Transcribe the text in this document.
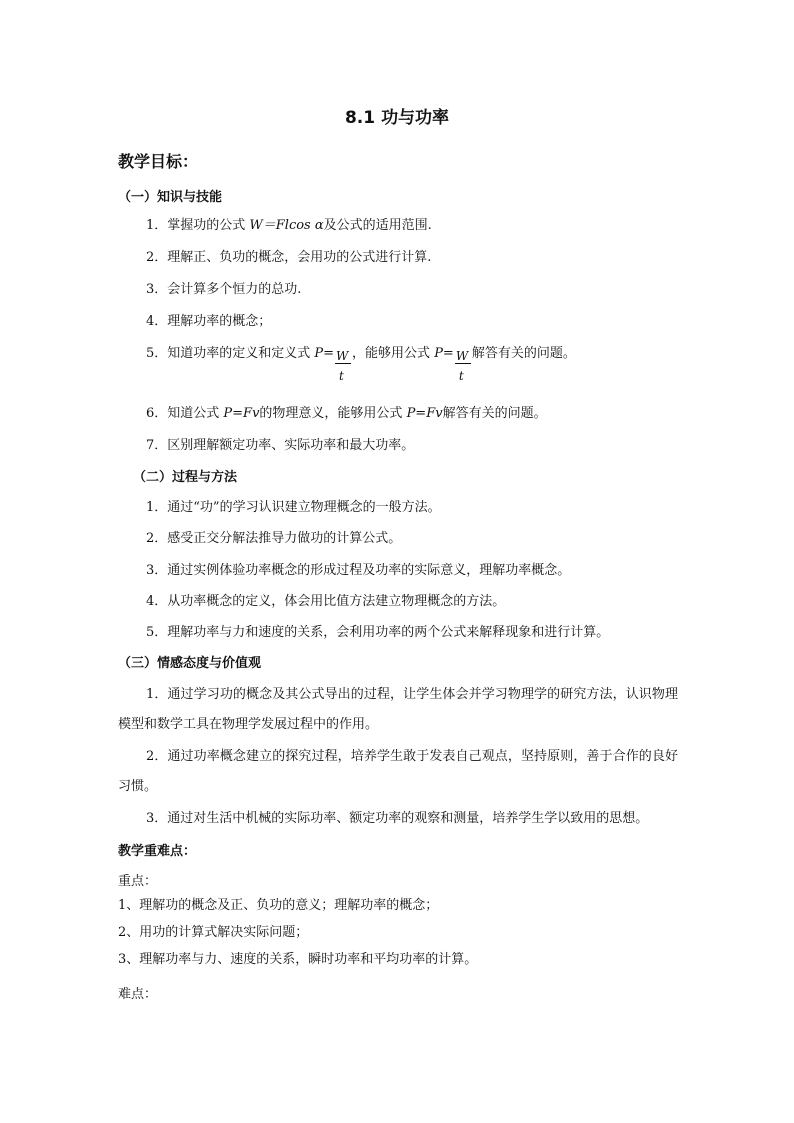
8.1 功与功率
教学目标：
（一）知识与技能
1．掌握功的公式 W＝Flcos α及公式的适用范围.
2．理解正、负功的概念，会用功的公式进行计算.
3．会计算多个恒力的总功.
4．理解功率的概念；
5．知道功率的定义和定义式 $P= \frac{W}{t}$ ，能够用公式 $P= \frac{W}{t}$ 解答有关的问题。
6．知道公式 P=Fv的物理意义，能够用公式 P=Fv解答有关的问题。
7．区别理解额定功率、实际功率和最大功率。
（二）过程与方法
1．通过“功”的学习认识建立物理概念的一般方法。
2．感受正交分解法推导力做功的计算公式。
3．通过实例体验功率概念的形成过程及功率的实际意义，理解功率概念。
4．从功率概念的定义，体会用比值方法建立物理概念的方法。
5．理解功率与力和速度的关系，会利用功率的两个公式来解释现象和进行计算。
（三）情感态度与价值观
1．通过学习功的概念及其公式导出的过程，让学生体会并学习物理学的研究方法，认识物理模型和数学工具在物理学发展过程中的作用。
2．通过功率概念建立的探究过程，培养学生敢于发表自己观点，坚持原则，善于合作的良好习惯。
3．通过对生活中机械的实际功率、额定功率的观察和测量，培养学生学以致用的思想。
教学重难点：
重点：
1、理解功的概念及正、负功的意义；理解功率的概念；
2、用功的计算式解决实际问题；
3、理解功率与力、速度的关系，瞬时功率和平均功率的计算。
难点：
